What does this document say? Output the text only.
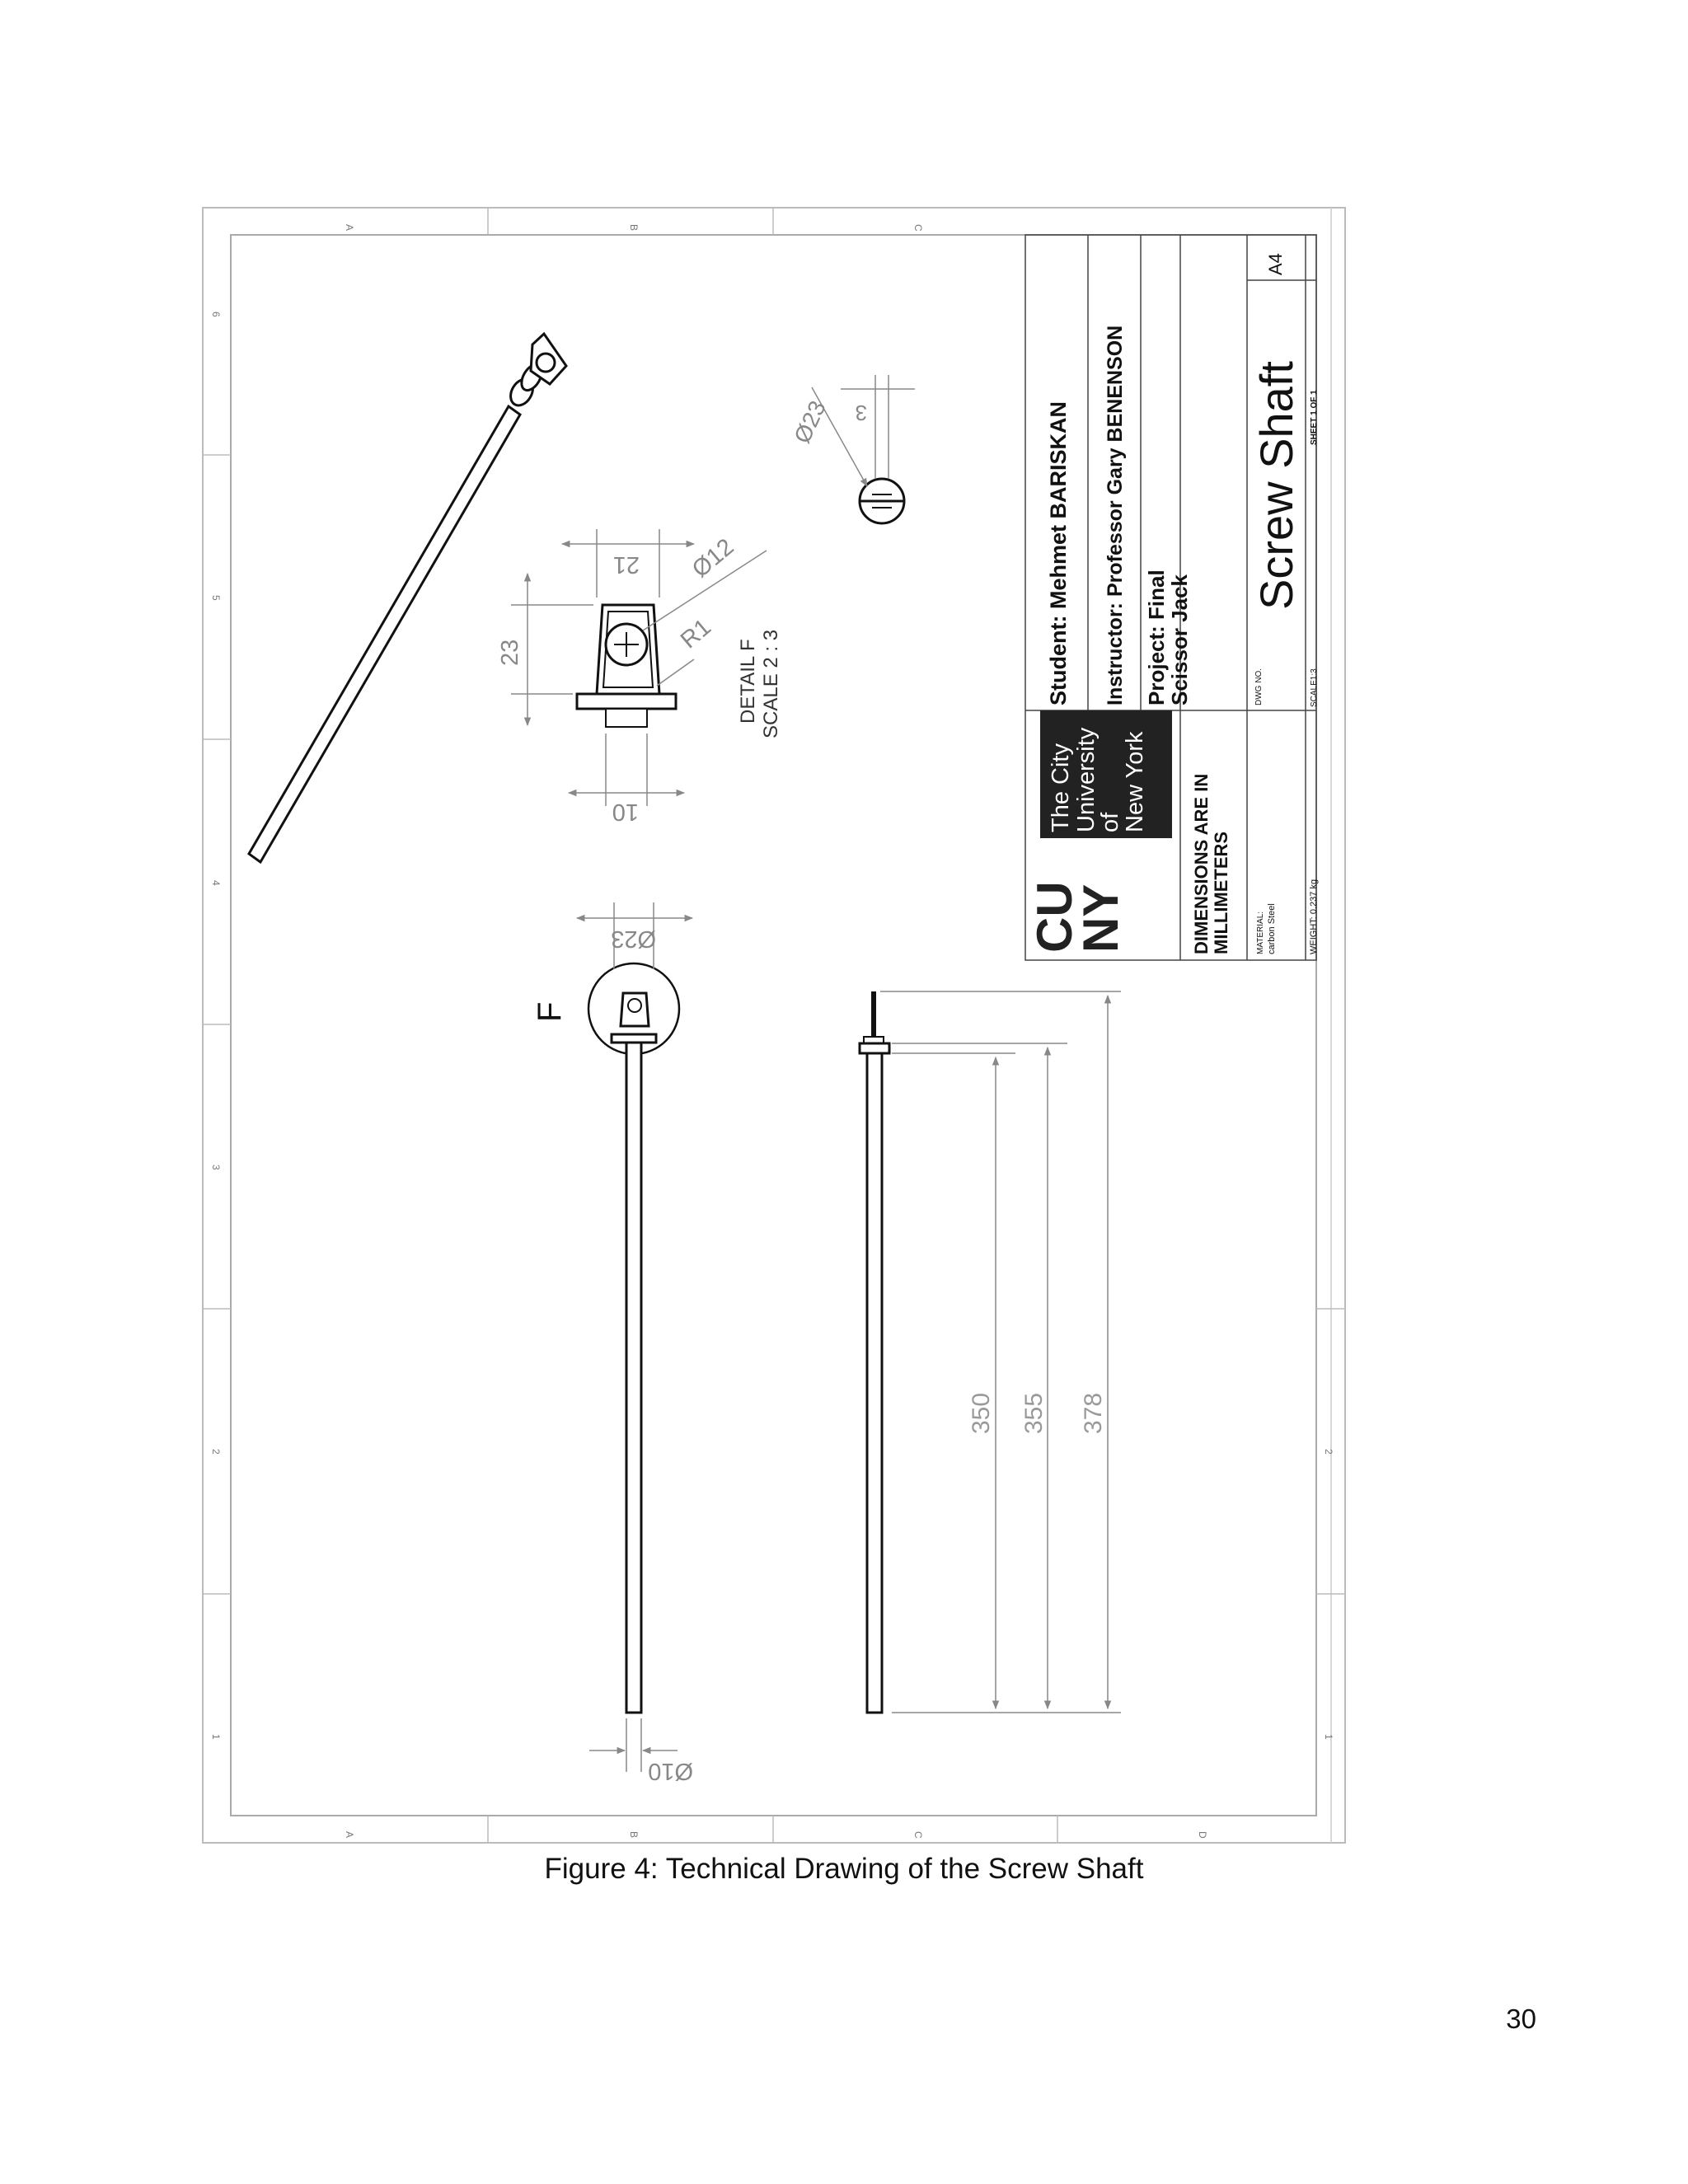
A	B	C
A	B	C	D
6
5
4
3
2
1
2
1
Student: Mehmet BARISKAN Instructor: Professor Gary BENENSON Project: Final
Scissor Jack	DWG NO.
Screw Shaft
A4
SCALE1:3
SHEET 1 OF 1
WEIGHT: 0.237 kg
MATERIAL: carbon Steel
DIMENSIONS ARE IN MILLIMETERS
CU
NY
The City University
of
New York
21 Ø12
23	R1
10
DETAIL F SCALE 2 : 3
Ø23 3
F
Ø23
Ø10
350 355 378
Figure 4: Technical Drawing of the Screw Shaft
30
